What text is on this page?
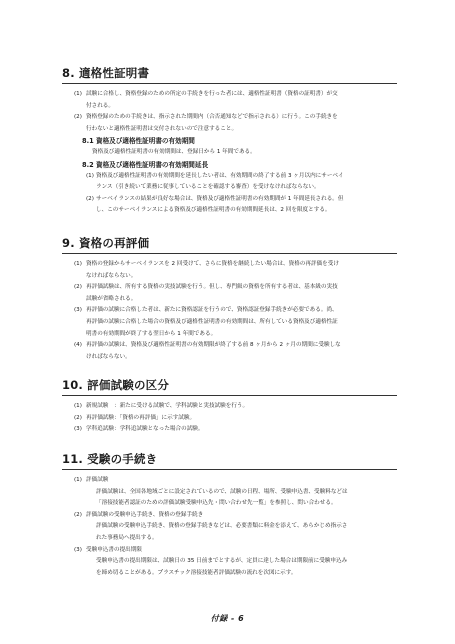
8. 適格性証明書
(1) 試験に合格し、資格登録のための所定の手続きを行った者には、適格性証明書（資格の証明書）が交
付される。
(2) 資格登録のための手続きは、指示された期間内（合否通知などで指示される）に行う。この手続きを
行わないと適格性証明書は交付されないので注意すること。
8.1 資格及び適格性証明書の有効期間
資格及び適格性証明書の有効期間は、登録日から 1 年間である。
8.2 資格及び適格性証明書の有効期間延長
(1) 資格及び適格性証明書の有効期間を延長したい者は、有効期間の終了する前 3 ヶ月以内にサーベイ
ランス（引き続いて業務に従事していることを確認する審査）を受けなければならない。
(2) サーベイランスの結果が良好な場合は、資格及び適格性証明書の有効期間が 1 年間延長される。但
し、このサーベイランスによる資格及び適格性証明書の有効期間延長は、2 回を限度とする。
9. 資格の再評価
(1) 資格の登録からサーベイランスを 2 回受けて、さらに資格を継続したい場合は、資格の再評価を受け
なければならない。
(2) 再評価試験は、所有する資格の実技試験を行う。但し、専門級の資格を所有する者は、基本級の実技
試験が省略される。
(3) 再評価の試験に合格した者は、新たに資格認証を行うので、資格認証登録手続きが必要である。尚、
再評価の試験に合格した場合の資格及び適格性証明書の有効期間は、所有している資格及び適格性証
明書の有効期間が終了する翌日から 1 年間である。
(4) 再評価の試験は、資格及び適格性証明書の有効期限が終了する前 8 ヶ月から 2 ヶ月の期間に受験しな
ければならない。
10. 評価試験の区分
(1) 新規試験　：新たに受ける試験で、学科試験と実技試験を行う。
(2) 再評価試験：「資格の再評価」に示す試験。
(3) 学科追試験：学科追試験となった場合の試験。
11. 受験の手続き
(1) 評価試験
評価試験は、全国各地域ごとに設定されているので、試験の日程、場所、受験申込書、受験料などは
「溶接技能者認証のための評価試験受験申込先・問い合わせ先一覧」を参照し、問い合わせる。
(2) 評価試験の受験申込手続き、資格の登録手続き
評価試験の受験申込手続き、資格の登録手続きなどは、必要書類に料金を添えて、あらかじめ指示さ
れた事務局へ提出する。
(3) 受験申込書の提出期限
受験申込書の提出期限は、試験日の 35 日前までとするが、定員に達した場合は期限前に受験申込み
を締め切ることがある。プラスチック溶接技能者評価試験の流れを次図に示す。
付録 - 6
